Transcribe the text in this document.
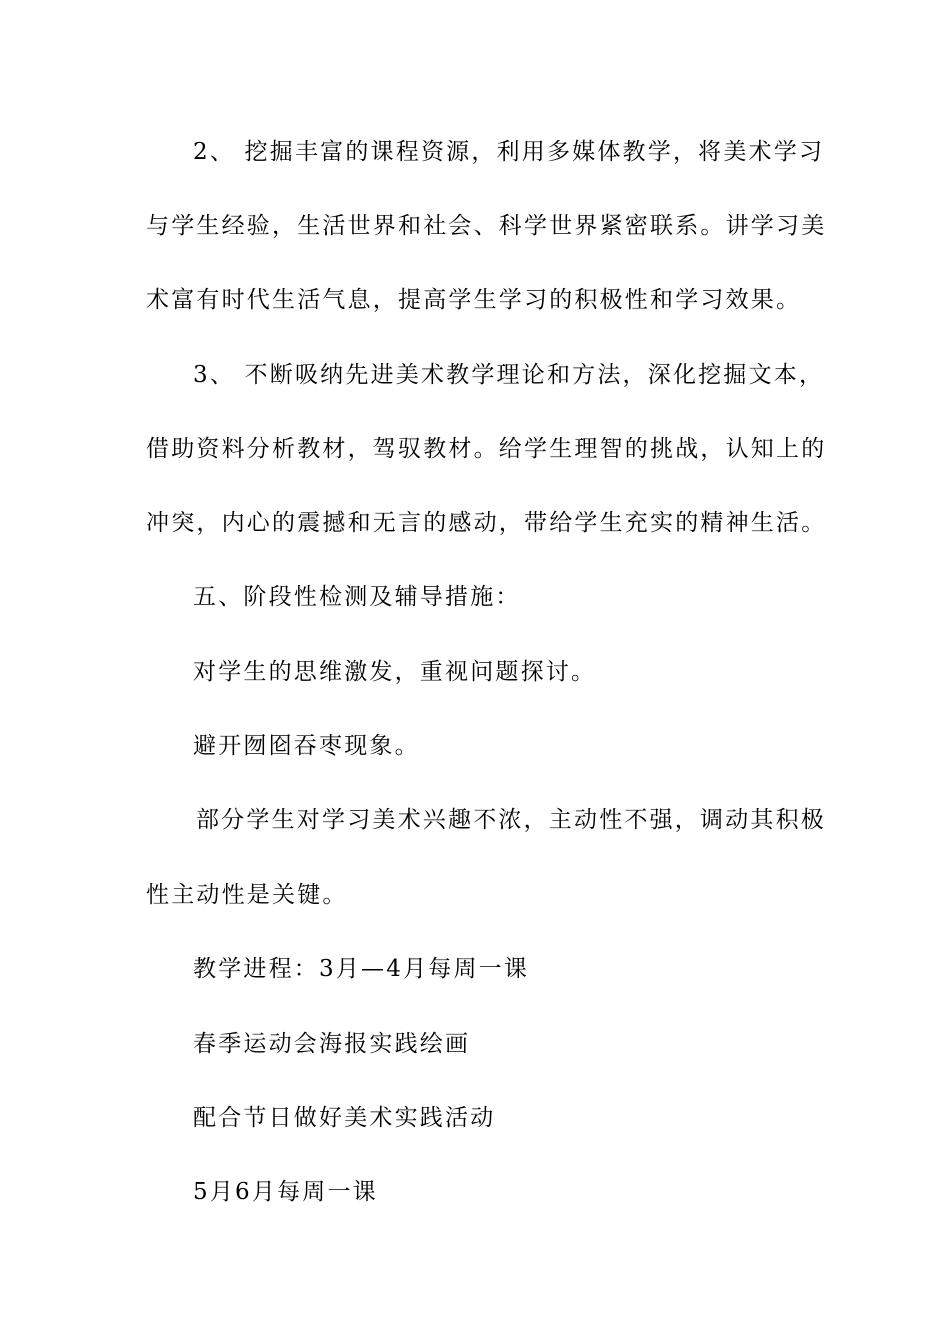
2、 挖掘丰富的课程资源，利用多媒体教学，将美术学习
与学生经验，生活世界和社会、科学世界紧密联系。讲学习美
术富有时代生活气息，提高学生学习的积极性和学习效果。
3、 不断吸纳先进美术教学理论和方法，深化挖掘文本，
借助资料分析教材，驾驭教材。给学生理智的挑战，认知上的
冲突，内心的震撼和无言的感动，带给学生充实的精神生活。
五、阶段性检测及辅导措施：
对学生的思维激发，重视问题探讨。
避开囫囵吞枣现象。
部分学生对学习美术兴趣不浓，主动性不强，调动其积极
性主动性是关键。
教学进程：3月—4月每周一课
春季运动会海报实践绘画
配合节日做好美术实践活动
5月6月每周一课
